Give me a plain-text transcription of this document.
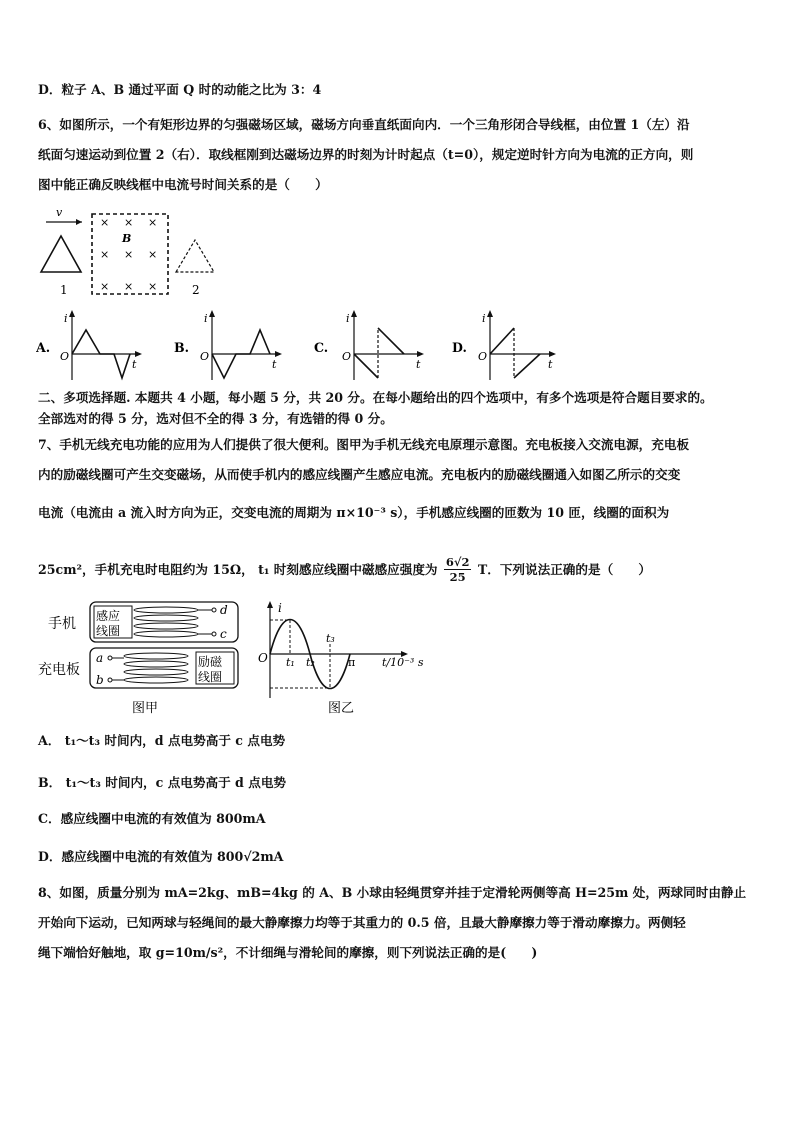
D．粒子 A、B 通过平面 Q 时的动能之比为 3：4
6、如图所示，一个有矩形边界的匀强磁场区域，磁场方向垂直纸面向内．一个三角形闭合导线框，由位置 1（左）沿
纸面匀速运动到位置 2（右）．取线框刚到达磁场边界的时刻为计时起点（t=0），规定逆时针方向为电流的正方向，则
图中能正确反映线框中电流号时间关系的是（　　）
v
× × ×
B
× × ×
× × ×
1	2
A.
O
i
t
B.
O
i
t
C.
O
i
t
D.
O
i
t
二、多项选择题. 本题共 4 小题，每小题 5 分，共 20 分。在每小题给出的四个选项中，有多个选项是符合题目要求的。
全部选对的得 5 分，选对但不全的得 3 分，有选错的得 0 分。
7、手机无线充电功能的应用为人们提供了很大便利。图甲为手机无线充电原理示意图。充电板接入交流电源，充电板
内的励磁线圈可产生交变磁场，从而使手机内的感应线圈产生感应电流。充电板内的励磁线圈通入如图乙所示的交变
电流（电流由 a 流入时方向为正，交变电流的周期为 π×10⁻³ s），手机感应线圈的匝数为 10 匝，线圈的面积为
25cm²，手机充电时电阻约为 15Ω， t₁ 时刻感应线圈中磁感应强度为 $\frac{6√2}{25}$ T．下列说法正确的是（　　）
手机 感应
线圈
d
c
充电板
a
b
励磁
线圈
图甲
i
O t₁ t₂
t₃
π t/10⁻³ s
图乙
A． t₁～t₃ 时间内，d 点电势高于 c 点电势
B． t₁～t₃ 时间内，c 点电势高于 d 点电势
C．感应线圈中电流的有效值为 800mA
D．感应线圈中电流的有效值为 800√2mA
8、如图，质量分别为 mA=2kg、mB=4kg 的 A、B 小球由轻绳贯穿并挂于定滑轮两侧等高 H=25m 处，两球同时由静止
开始向下运动，已知两球与轻绳间的最大静摩擦力均等于其重力的 0.5 倍，且最大静摩擦力等于滑动摩擦力。两侧轻
绳下端恰好触地，取 g=10m/s²，不计细绳与滑轮间的摩擦，则下列说法正确的是(　　)
